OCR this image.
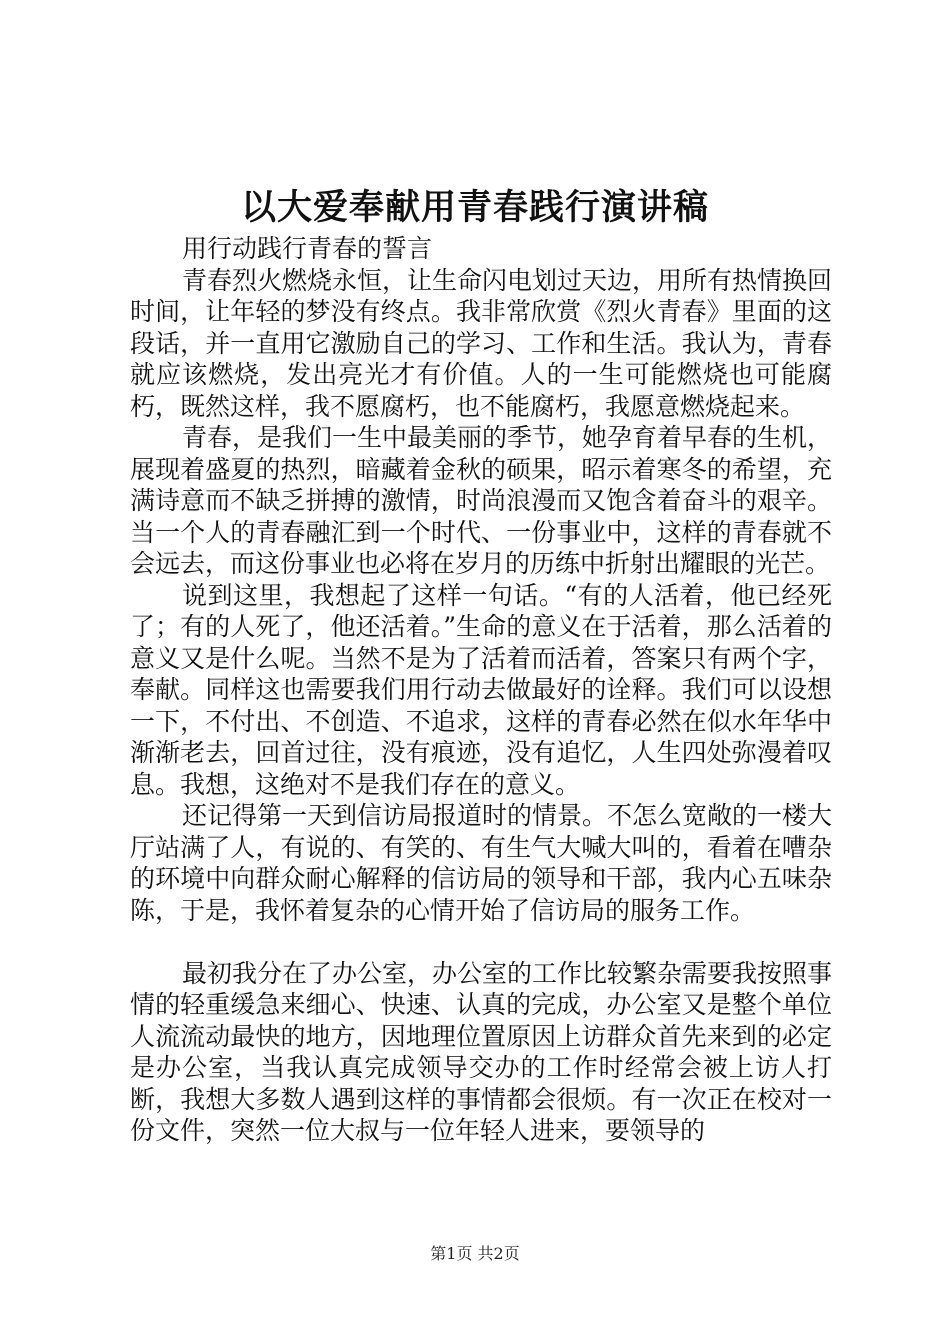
以大爱奉献用青春践行演讲稿

用行动践行青春的誓言

青春烈火燃烧永恒，让生命闪电划过天边，用所有热情换回时间，让年轻的梦没有终点。我非常欣赏《烈火青春》里面的这段话，并一直用它激励自己的学习、工作和生活。我认为，青春就应该燃烧，发出亮光才有价值。人的一生可能燃烧也可能腐朽，既然这样，我不愿腐朽，也不能腐朽，我愿意燃烧起来。

青春，是我们一生中最美丽的季节，她孕育着早春的生机，展现着盛夏的热烈，暗藏着金秋的硕果，昭示着寒冬的希望，充满诗意而不缺乏拼搏的激情，时尚浪漫而又饱含着奋斗的艰辛。当一个人的青春融汇到一个时代、一份事业中，这样的青春就不会远去，而这份事业也必将在岁月的历练中折射出耀眼的光芒。

说到这里，我想起了这样一句话。“有的人活着，他已经死了；有的人死了，他还活着。”生命的意义在于活着，那么活着的意义又是什么呢。当然不是为了活着而活着，答案只有两个字，奉献。同样这也需要我们用行动去做最好的诠释。我们可以设想一下，不付出、不创造、不追求，这样的青春必然在似水年华中渐渐老去，回首过往，没有痕迹，没有追忆，人生四处弥漫着叹息。我想，这绝对不是我们存在的意义。

还记得第一天到信访局报道时的情景。不怎么宽敞的一楼大厅站满了人，有说的、有笑的、有生气大喊大叫的，看着在嘈杂的环境中向群众耐心解释的信访局的领导和干部，我内心五味杂陈，于是，我怀着复杂的心情开始了信访局的服务工作。

最初我分在了办公室，办公室的工作比较繁杂需要我按照事情的轻重缓急来细心、快速、认真的完成，办公室又是整个单位人流流动最快的地方，因地理位置原因上访群众首先来到的必定是办公室，当我认真完成领导交办的工作时经常会被上访人打断，我想大多数人遇到这样的事情都会很烦。有一次正在校对一份文件，突然一位大叔与一位年轻人进来，要领导的

第1页 共2页
